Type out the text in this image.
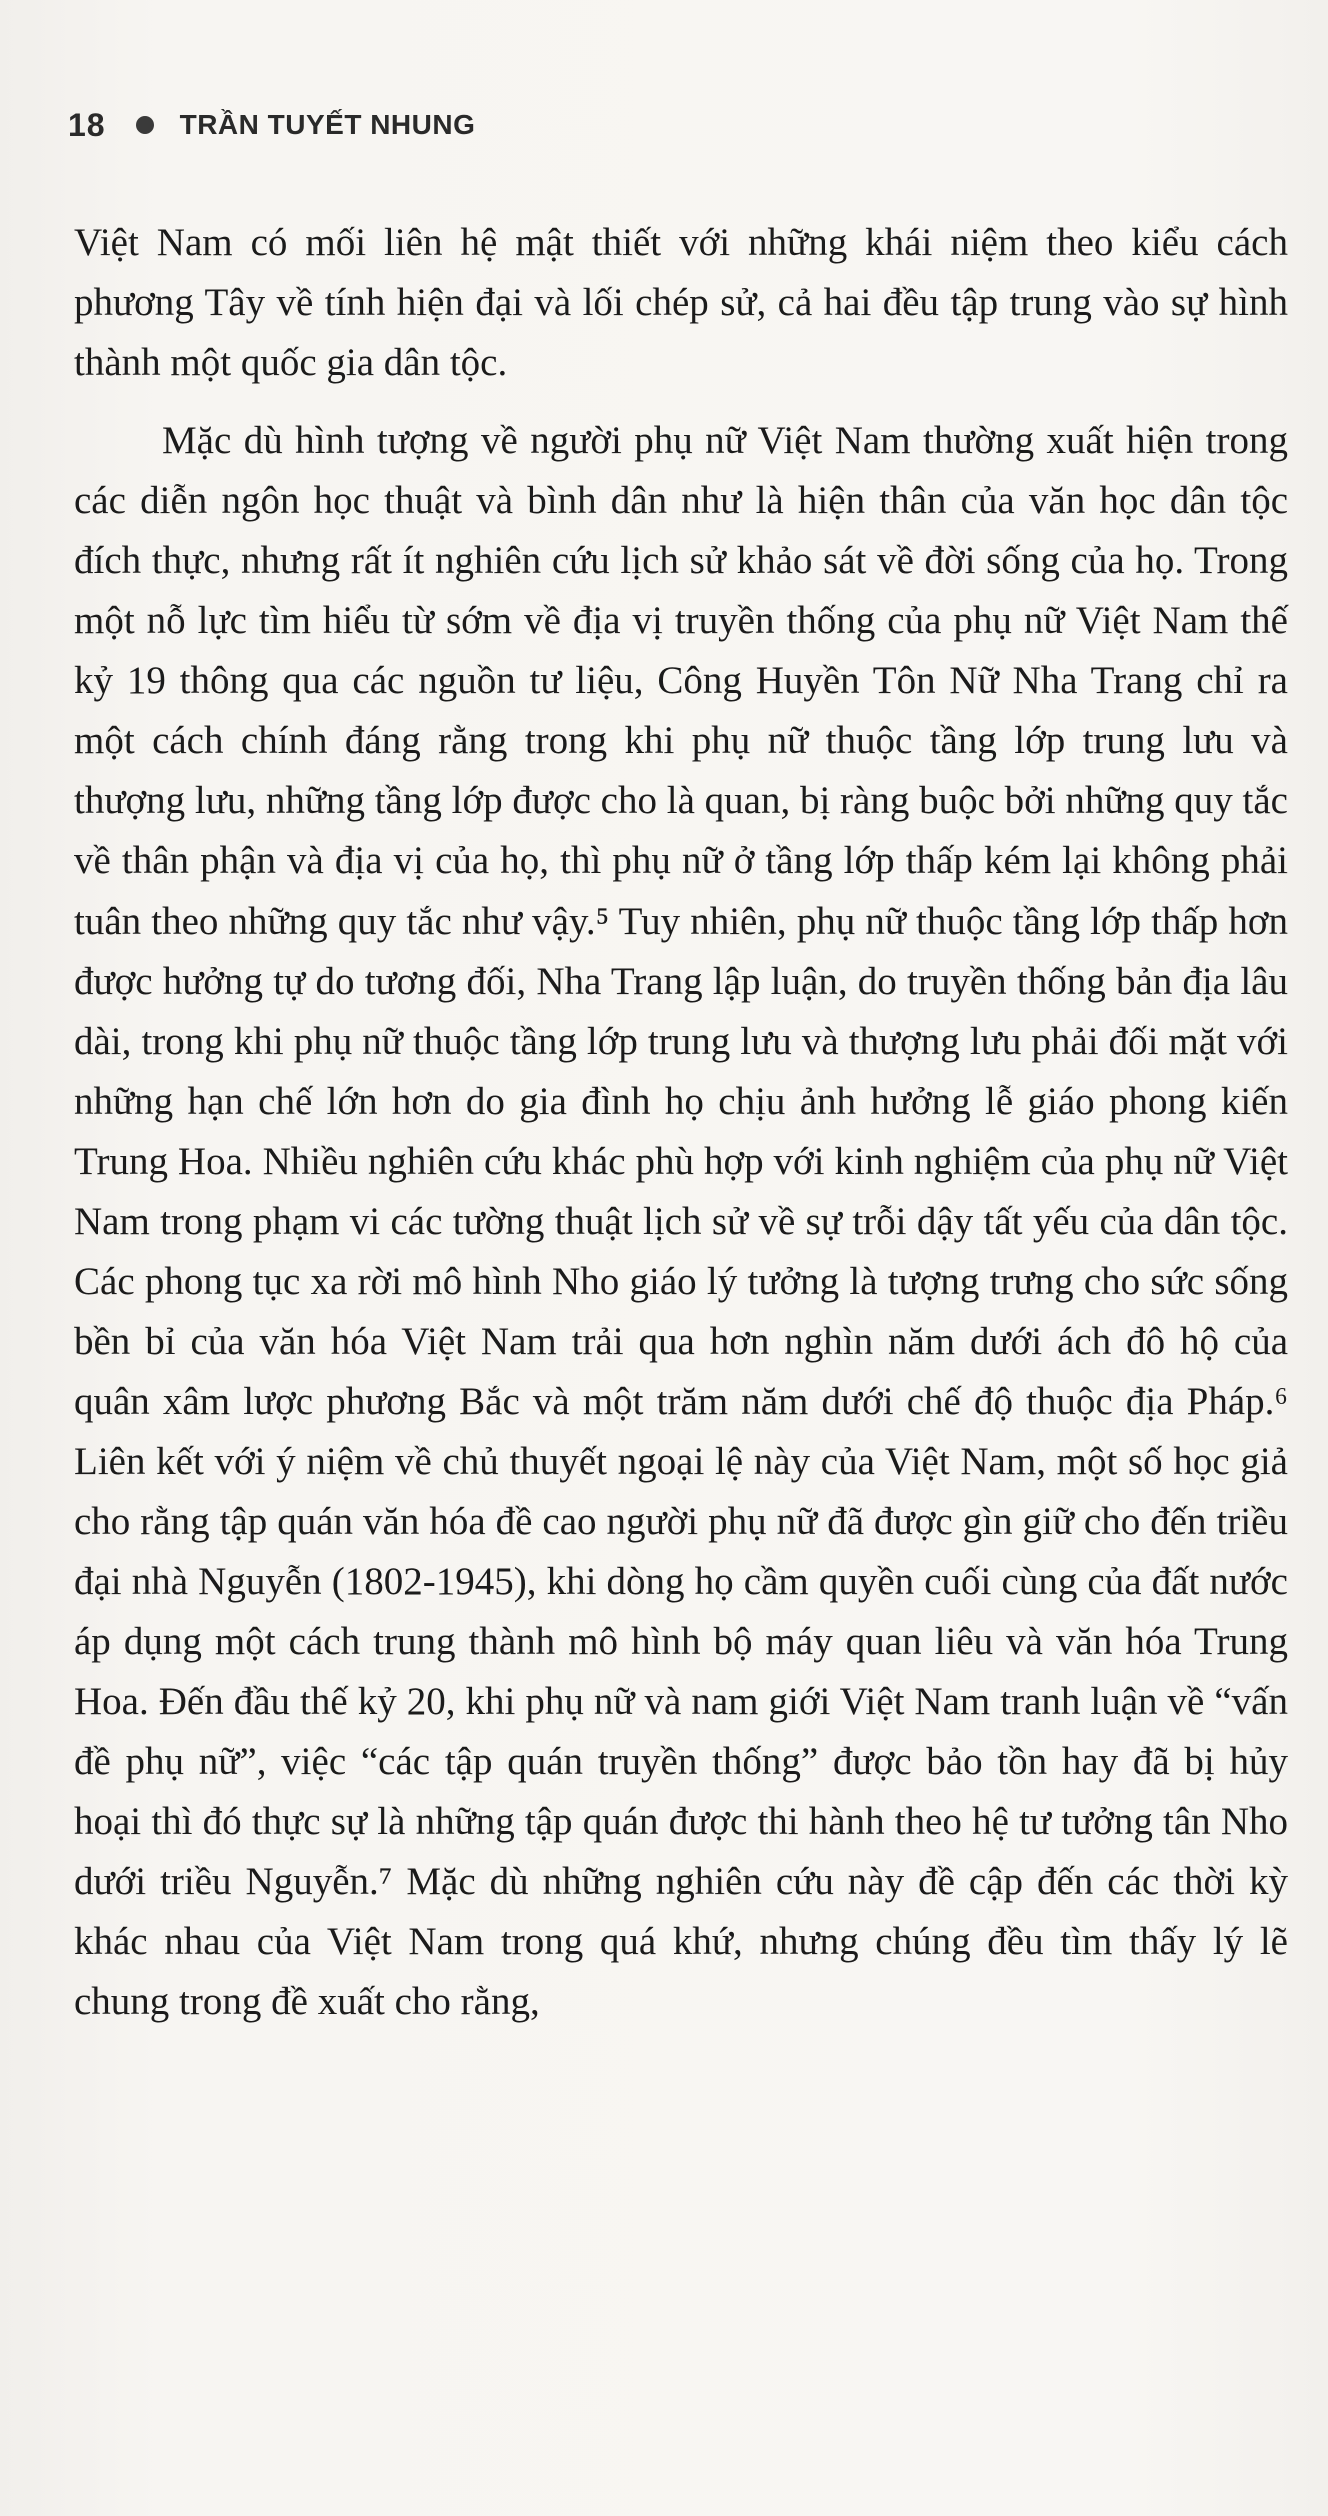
18	TRẦN TUYẾT NHUNG

Việt Nam có mối liên hệ mật thiết với những khái niệm theo kiểu cách phương Tây về tính hiện đại và lối chép sử, cả hai đều tập trung vào sự hình thành một quốc gia dân tộc.

Mặc dù hình tượng về người phụ nữ Việt Nam thường xuất hiện trong các diễn ngôn học thuật và bình dân như là hiện thân của văn học dân tộc đích thực, nhưng rất ít nghiên cứu lịch sử khảo sát về đời sống của họ. Trong một nỗ lực tìm hiểu từ sớm về địa vị truyền thống của phụ nữ Việt Nam thế kỷ 19 thông qua các nguồn tư liệu, Công Huyền Tôn Nữ Nha Trang chỉ ra một cách chính đáng rằng trong khi phụ nữ thuộc tầng lớp trung lưu và thượng lưu, những tầng lớp được cho là quan, bị ràng buộc bởi những quy tắc về thân phận và địa vị của họ, thì phụ nữ ở tầng lớp thấp kém lại không phải tuân theo những quy tắc như vậy.⁵ Tuy nhiên, phụ nữ thuộc tầng lớp thấp hơn được hưởng tự do tương đối, Nha Trang lập luận, do truyền thống bản địa lâu dài, trong khi phụ nữ thuộc tầng lớp trung lưu và thượng lưu phải đối mặt với những hạn chế lớn hơn do gia đình họ chịu ảnh hưởng lễ giáo phong kiến Trung Hoa. Nhiều nghiên cứu khác phù hợp với kinh nghiệm của phụ nữ Việt Nam trong phạm vi các tường thuật lịch sử về sự trỗi dậy tất yếu của dân tộc. Các phong tục xa rời mô hình Nho giáo lý tưởng là tượng trưng cho sức sống bền bỉ của văn hóa Việt Nam trải qua hơn nghìn năm dưới ách đô hộ của quân xâm lược phương Bắc và một trăm năm dưới chế độ thuộc địa Pháp.⁶ Liên kết với ý niệm về chủ thuyết ngoại lệ này của Việt Nam, một số học giả cho rằng tập quán văn hóa đề cao người phụ nữ đã được gìn giữ cho đến triều đại nhà Nguyễn (1802-1945), khi dòng họ cầm quyền cuối cùng của đất nước áp dụng một cách trung thành mô hình bộ máy quan liêu và văn hóa Trung Hoa. Đến đầu thế kỷ 20, khi phụ nữ và nam giới Việt Nam tranh luận về “vấn đề phụ nữ”, việc “các tập quán truyền thống” được bảo tồn hay đã bị hủy hoại thì đó thực sự là những tập quán được thi hành theo hệ tư tưởng tân Nho dưới triều Nguyễn.⁷ Mặc dù những nghiên cứu này đề cập đến các thời kỳ khác nhau của Việt Nam trong quá khứ, nhưng chúng đều tìm thấy lý lẽ chung trong đề xuất cho rằng,
